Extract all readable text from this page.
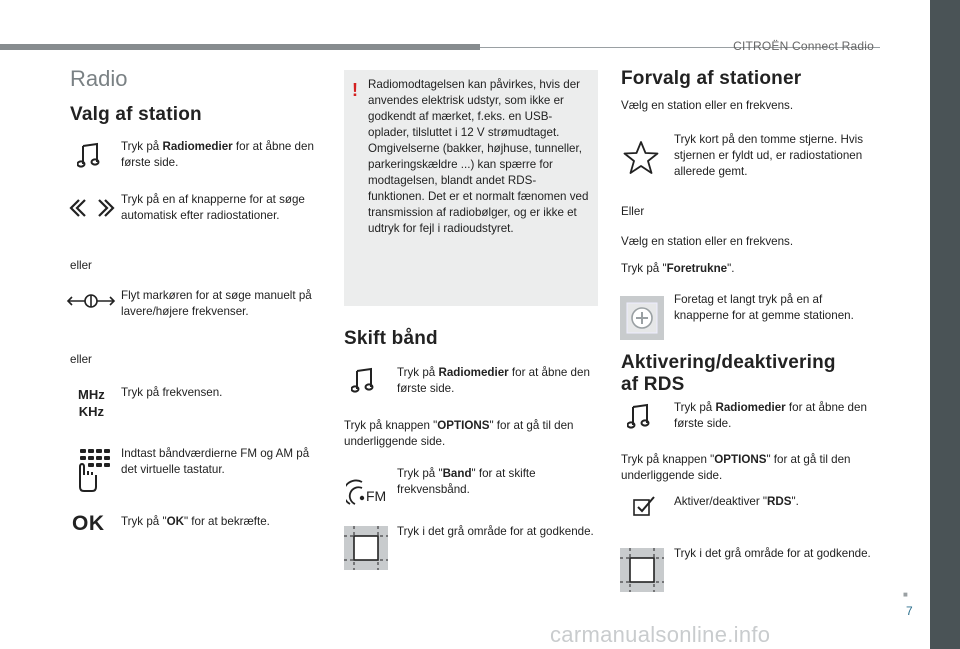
CITROËN Connect Radio
Radio
Valg af station
Tryk på Radiomedier for at åbne den første side.
Tryk på en af knapperne for at søge automatisk efter radiostationer.
eller
Flyt markøren for at søge manuelt på lavere/højere frekvenser.
eller
MHz
KHz
Tryk på frekvensen.
Indtast båndværdierne FM og AM på det virtuelle tastatur.
OK Tryk på "OK" for at bekræfte.
! Radiomodtagelsen kan påvirkes, hvis der anvendes elektrisk udstyr, som ikke er godkendt af mærket, f.eks. en USB-oplader, tilsluttet i 12 V strømudtaget. Omgivelserne (bakker, højhuse, tunneller, parkeringskældre ...) kan spærre for modtagelsen, blandt andet RDS-funktionen. Det er et normalt fænomen ved transmission af radiobølger, og er ikke et udtryk for fejl i radioudstyret.
Skift bånd
Tryk på Radiomedier for at åbne den første side.
Tryk på knappen "OPTIONS" for at gå til den underliggende side.
FM
Tryk på "Band" for at skifte frekvensbånd.
Tryk i det grå område for at godkende.
Forvalg af stationer
Vælg en station eller en frekvens.
Tryk kort på den tomme stjerne. Hvis stjernen er fyldt ud, er radiostationen allerede gemt.
Eller
Vælg en station eller en frekvens.
Tryk på "Foretrukne".
Foretag et langt tryk på en af knapperne for at gemme stationen.
Aktivering/deaktivering
af RDS
Tryk på Radiomedier for at åbne den første side.
Tryk på knappen "OPTIONS" for at gå til den underliggende side.
Aktiver/deaktiver "RDS".
Tryk i det grå område for at godkende.
■
7
carmanualsonline.info
